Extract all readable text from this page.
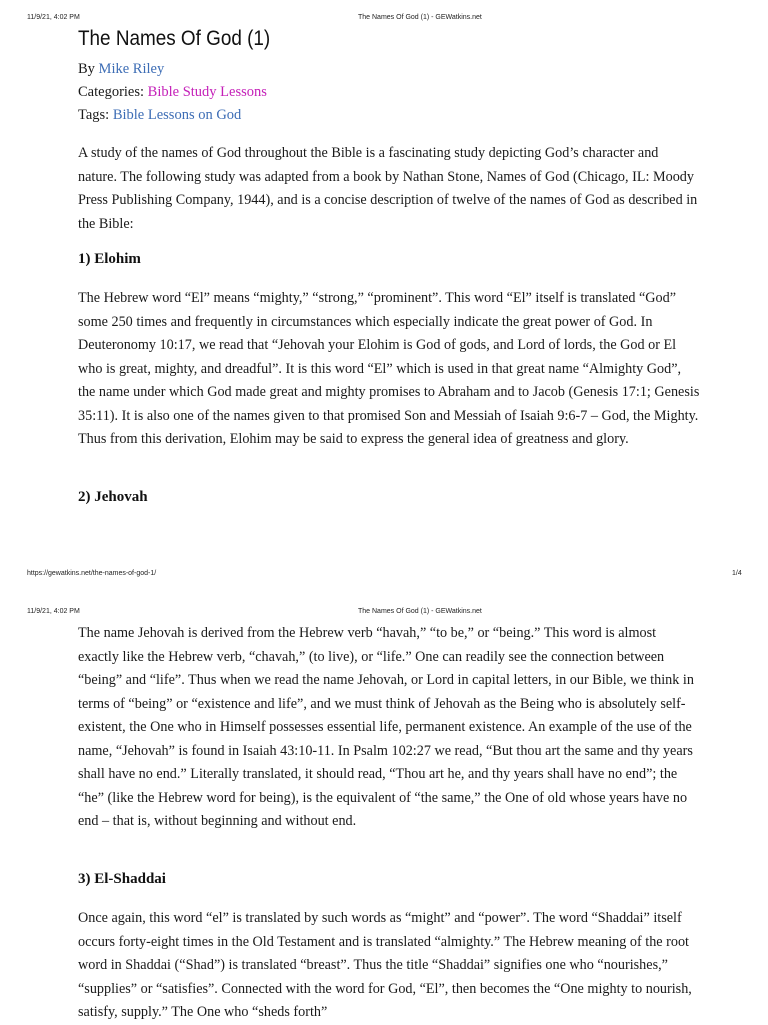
11/9/21, 4:02 PM	The Names Of God (1) - GEWatkins.net
The Names Of God (1)
By Mike Riley
Categories: Bible Study Lessons
Tags: Bible Lessons on God

A study of the names of God throughout the Bible is a fascinating study depicting God’s character and nature. The following study was adapted from a book by Nathan Stone, Names of God (Chicago, IL: Moody Press Publishing Company, 1944), and is a concise description of twelve of the names of God as described in the Bible:

1) Elohim

The Hebrew word “El” means “mighty,” “strong,” “prominent”. This word “El” itself is translated “God” some 250 times and frequently in circumstances which especially indicate the great power of God. In Deuteronomy 10:17, we read that “Jehovah your Elohim is God of gods, and Lord of lords, the God or El who is great, mighty, and dreadful”. It is this word “El” which is used in that great name “Almighty God”, the name under which God made great and mighty promises to Abraham and to Jacob (Genesis 17:1; Genesis 35:11). It is also one of the names given to that promised Son and Messiah of Isaiah 9:6-7 – God, the Mighty. Thus from this derivation, Elohim may be said to express the general idea of greatness and glory.

2) Jehovah
https://gewatkins.net/the-names-of-god-1/	1/4
11/9/21, 4:02 PM	The Names Of God (1) - GEWatkins.net

The name Jehovah is derived from the Hebrew verb “havah,” “to be,” or “being.” This word is almost exactly like the Hebrew verb, “chavah,” (to live), or “life.” One can readily see the connection between “being” and “life”. Thus when we read the name Jehovah, or Lord in capital letters, in our Bible, we think in terms of “being” or “existence and life”, and we must think of Jehovah as the Being who is absolutely self-existent, the One who in Himself possesses essential life, permanent existence. An example of the use of the name, “Jehovah” is found in Isaiah 43:10-11. In Psalm 102:27 we read, “But thou art the same and thy years shall have no end.” Literally translated, it should read, “Thou art he, and thy years shall have no end”; the “he” (like the Hebrew word for being), is the equivalent of “the same,” the One of old whose years have no end – that is, without beginning and without end.

3) El-Shaddai

Once again, this word “el” is translated by such words as “might” and “power”. The word “Shaddai” itself occurs forty-eight times in the Old Testament and is translated “almighty.” The Hebrew meaning of the root word in Shaddai (“Shad”) is translated “breast”. Thus the title “Shaddai” signifies one who “nourishes,” “supplies” or “satisfies”. Connected with the word for God, “El”, then becomes the “One mighty to nourish, satisfy, supply.” The One who “sheds forth”
